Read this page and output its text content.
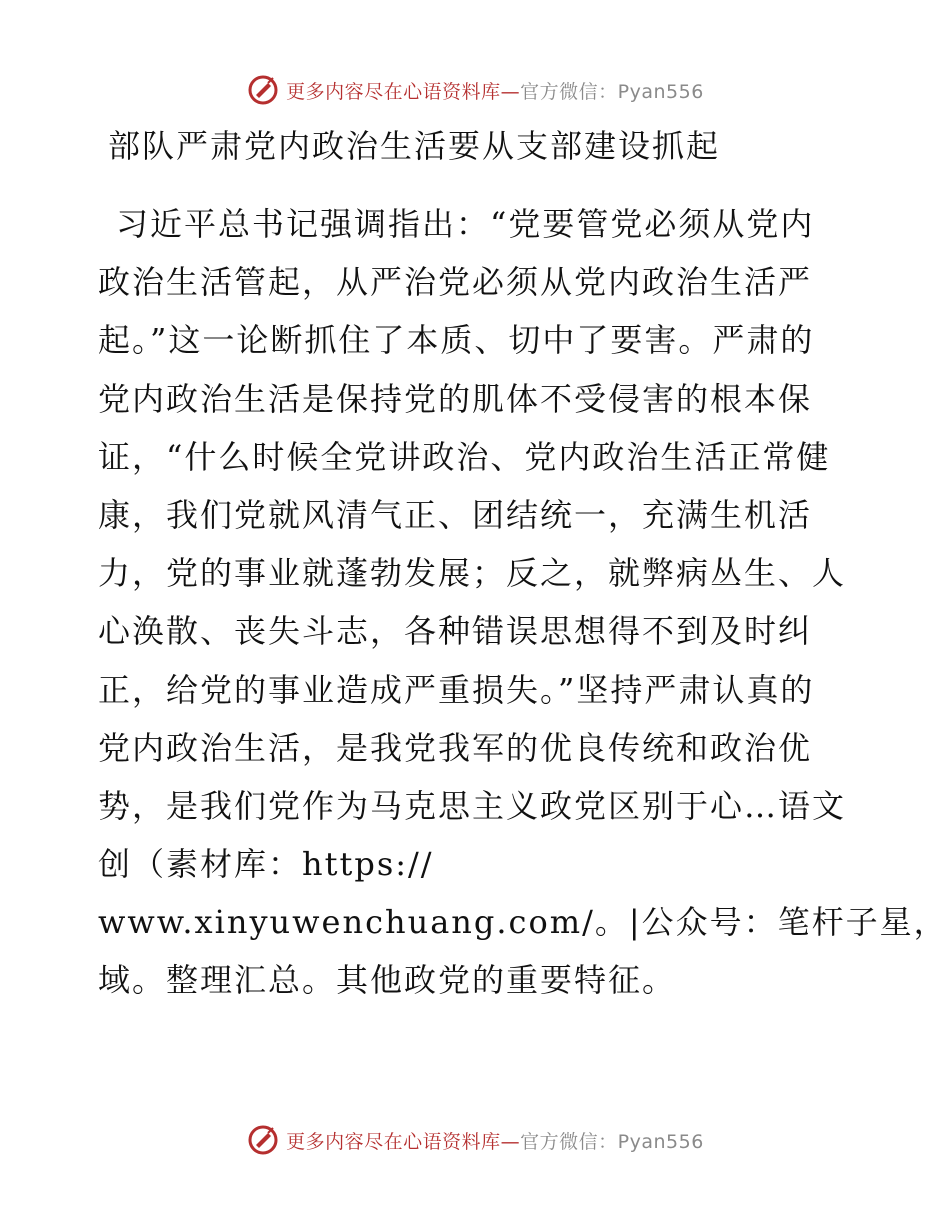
更多内容尽在心语资料库—官方微信：Pyan556
部队严肃党内政治生活要从支部建设抓起
习近平总书记强调指出：“党要管党必须从党内
政治生活管起，从严治党必须从党内政治生活严
起。”这一论断抓住了本质、切中了要害。严肃的
党内政治生活是保持党的肌体不受侵害的根本保
证，“什么时候全党讲政治、党内政治生活正常健
康，我们党就风清气正、团结统一，充满生机活
力，党的事业就蓬勃发展；反之，就弊病丛生、人
心涣散、丧失斗志，各种错误思想得不到及时纠
正，给党的事业造成严重损失。”坚持严肃认真的
党内政治生活，是我党我军的优良传统和政治优
势，是我们党作为马克思主义政党区别于心…语文
创（素材库：https://
www.xinyuwenchuang.com/。|公众号：笔杆子星，
域。整理汇总。其他政党的重要特征。
更多内容尽在心语资料库—官方微信：Pyan556
